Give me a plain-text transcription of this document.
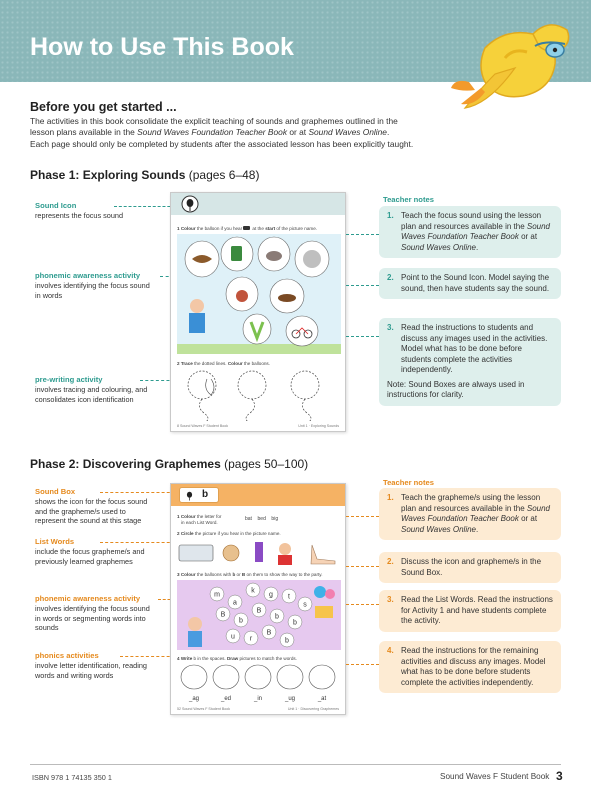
How to Use This Book
Before you get started ...
The activities in this book consolidate the explicit teaching of sounds and graphemes outlined in the
lesson plans available in the Sound Waves Foundation Teacher Book or at Sound Waves Online.
Each page should only be completed by students after the associated lesson has been explicitly taught.
Phase 1: Exploring Sounds (pages 6–48)
Sound Icon
represents the focus sound
phonemic awareness activity
involves identifying the focus sound in words
pre-writing activity
involves tracing and colouring, and consolidates icon identification
1 Colour the balloon if you hear at the start of the picture name.
2 Trace the dotted lines. Colour the balloons.
8 Sound Waves F Student Book	Unit 1 · Exploring Sounds
Teacher notes
1. Teach the focus sound using the lesson plan and resources available in the Sound Waves Foundation Teacher Book or at Sound Waves Online.
2. Point to the Sound Icon. Model saying the sound, then have students say the sound.
3. Read the instructions to students and discuss any images used in the activities. Model what has to be done before students complete the activities independently.
Note: Sound Boxes are always used in instructions for clarity.
Phase 2: Discovering Graphemes (pages 50–100)
Sound Box
shows the icon for the focus sound and the grapheme/s used to represent the sound at this stage
List Words
include the focus grapheme/s and previously learned graphemes
phonemic awareness activity
involves identifying the focus sound in words or segmenting words into sounds
phonics activities
involve letter identification, reading words and writing words
b
1 Colour the letter for
in each List Word.
bat bed big
2 Circle the picture if you hear in the picture name.
3 Colour the balloons with b or B on them to show the way to the party.
m
a
k
g t
s
B
b
B
b
b
u r
B
b
4 Write b in the spaces. Draw pictures to match the words.
_ag	_ed	_in	_ug	_at
52 Sound Waves F Student Book	Unit 1 · Discovering Graphemes
Teacher notes
1. Teach the grapheme/s using the lesson plan and resources available in the Sound Waves Foundation Teacher Book or at Sound Waves Online.
2. Discuss the icon and grapheme/s in the Sound Box.
3. Read the List Words. Read the instructions for Activity 1 and have students complete the activity.
4. Read the instructions for the remaining activities and discuss any images. Model what has to be done before students complete the activities independently.
ISBN 978 1 74135 350 1	Sound Waves F Student Book 3
